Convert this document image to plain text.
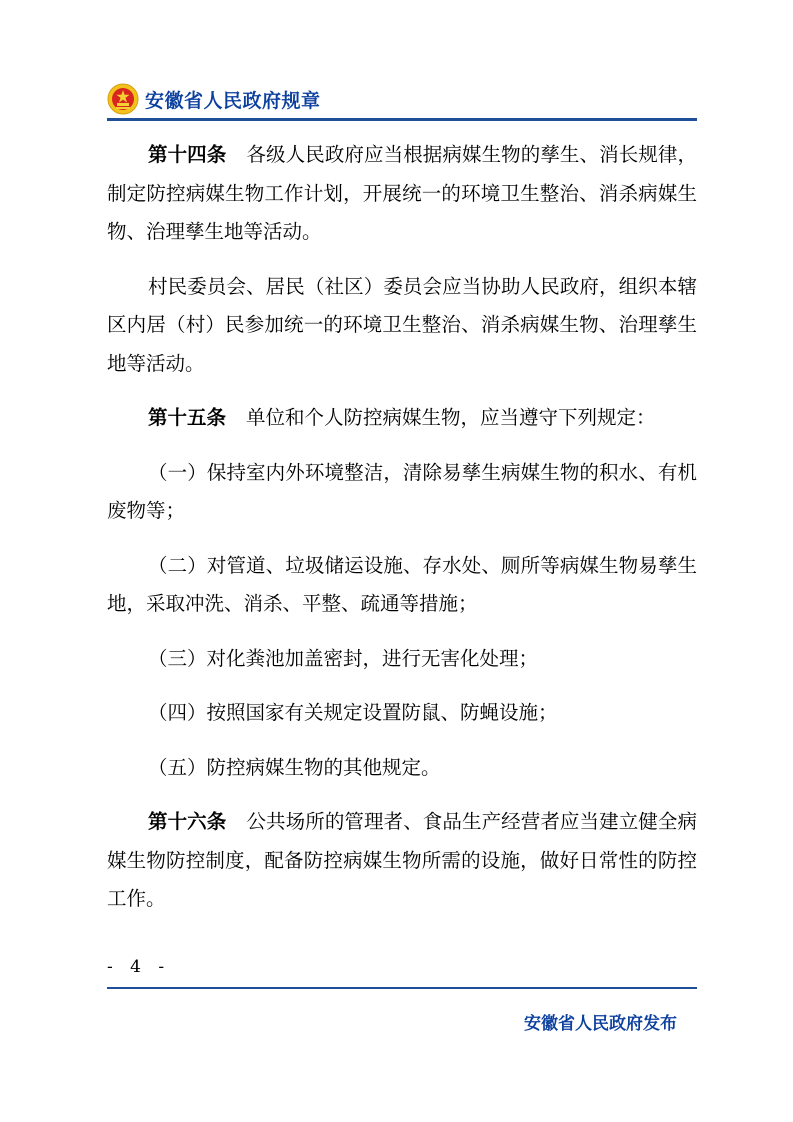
安徽省人民政府规章

第十四条 各级人民政府应当根据病媒生物的孳生、消长规律，制定防控病媒生物工作计划，开展统一的环境卫生整治、消杀病媒生物、治理孳生地等活动。

村民委员会、居民（社区）委员会应当协助人民政府，组织本辖区内居（村）民参加统一的环境卫生整治、消杀病媒生物、治理孳生地等活动。

第十五条 单位和个人防控病媒生物，应当遵守下列规定：

（一）保持室内外环境整洁，清除易孳生病媒生物的积水、有机废物等；

（二）对管道、垃圾储运设施、存水处、厕所等病媒生物易孳生地，采取冲洗、消杀、平整、疏通等措施；

（三）对化粪池加盖密封，进行无害化处理；

（四）按照国家有关规定设置防鼠、防蝇设施；

（五）防控病媒生物的其他规定。

第十六条 公共场所的管理者、食品生产经营者应当建立健全病媒生物防控制度，配备防控病媒生物所需的设施，做好日常性的防控工作。

- 4 -
安徽省人民政府发布
